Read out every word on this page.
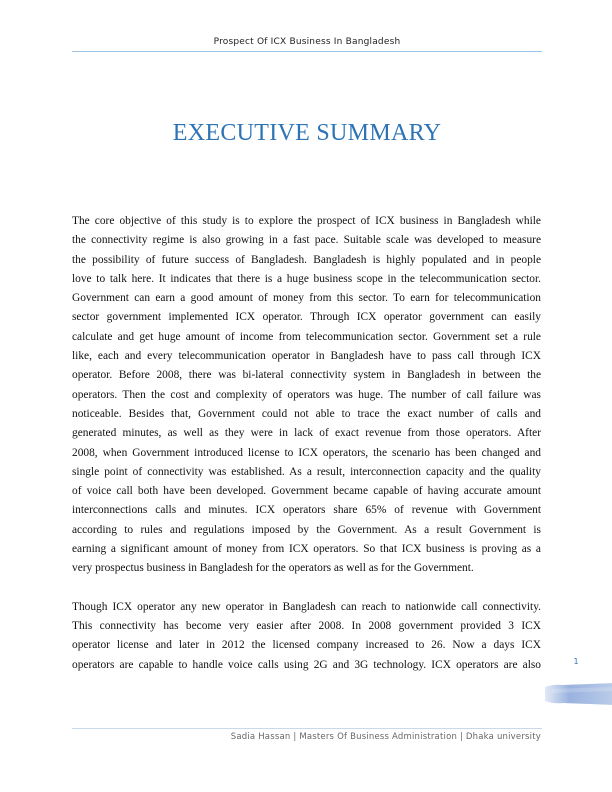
Prospect Of ICX Business In Bangladesh
EXECUTIVE SUMMARY
The core objective of this study is to explore the prospect of ICX business in Bangladesh while
the connectivity regime is also growing in a fast pace. Suitable scale was developed to measure
the possibility of future success of Bangladesh. Bangladesh is highly populated and in people
love to talk here. It indicates that there is a huge business scope in the telecommunication sector.
Government can earn a good amount of money from this sector. To earn for telecommunication
sector government implemented ICX operator. Through ICX operator government can easily
calculate and get huge amount of income from telecommunication sector. Government set a rule
like, each and every telecommunication operator in Bangladesh have to pass call through ICX
operator. Before 2008, there was bi-lateral connectivity system in Bangladesh in between the
operators. Then the cost and complexity of operators was huge. The number of call failure was
noticeable. Besides that, Government could not able to trace the exact number of calls and
generated minutes, as well as they were in lack of exact revenue from those operators. After
2008, when Government introduced license to ICX operators, the scenario has been changed and
single point of connectivity was established. As a result, interconnection capacity and the quality
of voice call both have been developed. Government became capable of having accurate amount
interconnections calls and minutes. ICX operators share 65% of revenue with Government
according to rules and regulations imposed by the Government. As a result Government is
earning a significant amount of money from ICX operators. So that ICX business is proving as a
very prospectus business in Bangladesh for the operators as well as for the Government.
Though ICX operator any new operator in Bangladesh can reach to nationwide call connectivity.
This connectivity has become very easier after 2008. In 2008 government provided 3 ICX
operator license and later in 2012 the licensed company increased to 26. Now a days ICX
operators are capable to handle voice calls using 2G and 3G technology. ICX operators are also	1
Sadia Hassan | Masters Of Business Administration | Dhaka university
